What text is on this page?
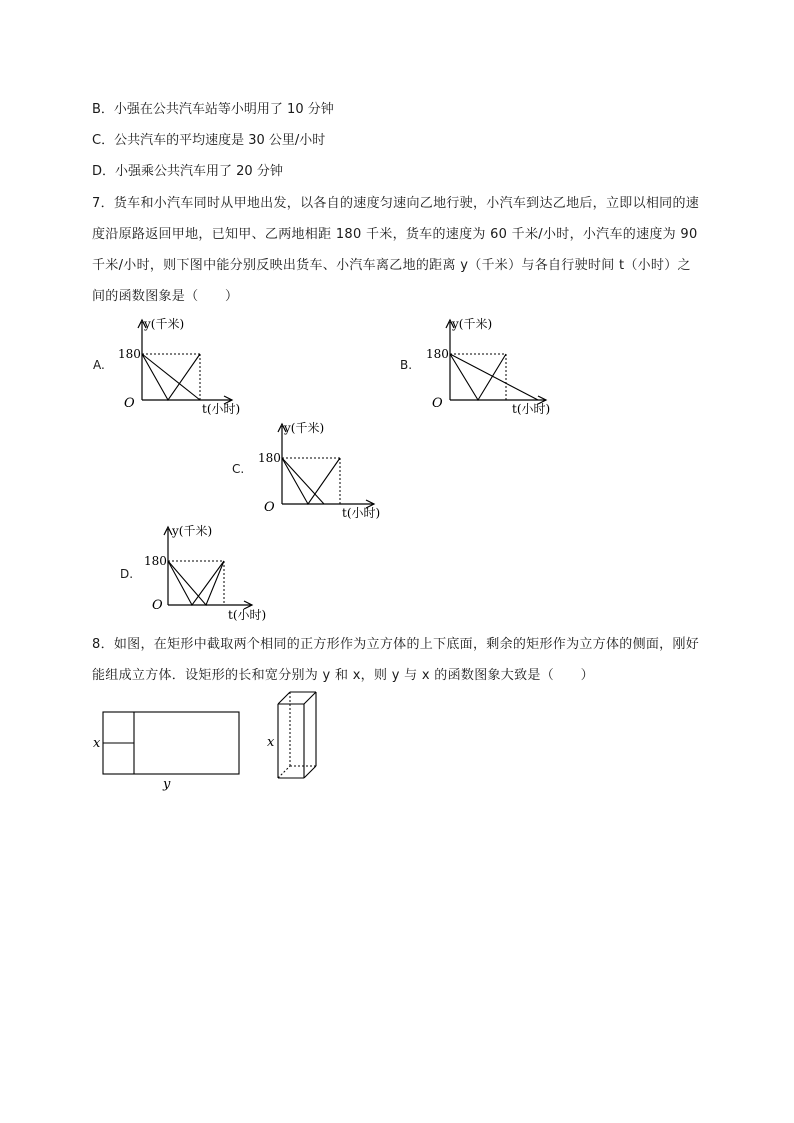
B．小强在公共汽车站等小明用了 10 分钟
C．公共汽车的平均速度是 30 公里/小时
D．小强乘公共汽车用了 20 分钟
7．货车和小汽车同时从甲地出发，以各自的速度匀速向乙地行驶，小汽车到达乙地后，立即以相同的速度沿原路返回甲地，已知甲、乙两地相距 180 千米，货车的速度为 60 千米/小时，小汽车的速度为 90 千米/小时，则下图中能分别反映出货车、小汽车离乙地的距离 y（千米）与各自行驶时间 t（小时）之间的函数图象是（　　）
A.
y(千米)
180
O	t(小时)
B.
y(千米)
180
O	t(小时)
C.
y(千米)
180
O	t(小时)
D.
y(千米)
180
O
t(小时)
8．如图，在矩形中截取两个相同的正方形作为立方体的上下底面，剩余的矩形作为立方体的侧面，刚好能组成立方体．设矩形的长和宽分别为 y 和 x，则 y 与 x 的函数图象大致是（　　）
x
y
x
